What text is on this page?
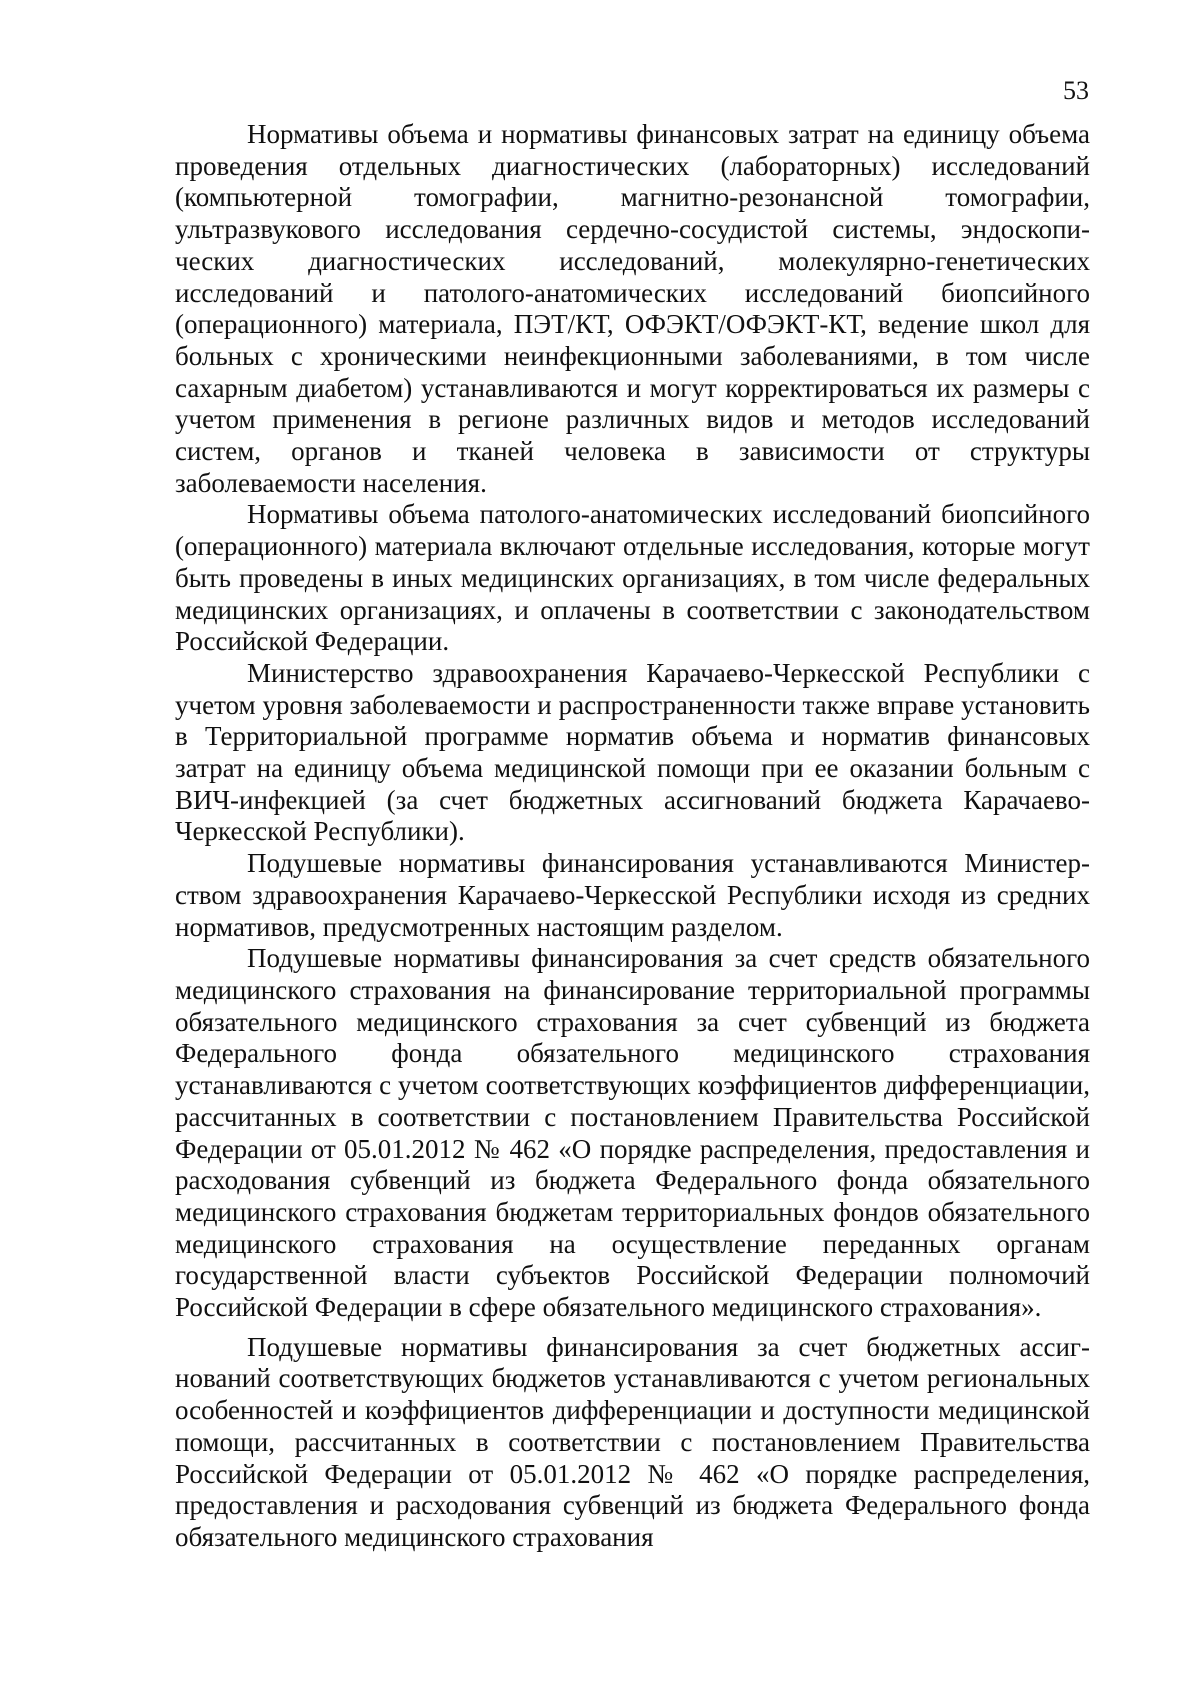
53

Нормативы объема и нормативы финансовых затрат на единицу объема проведения отдельных диагностических (лабораторных) исследований (компьютерной томографии, магнитно-резонансной томографии, ультразвукового исследования сердечно-сосудистой системы, эндоскопических диагностических исследований, молекулярно-генетических исследований и патолого-анатомических исследований биопсийного (операционного) материала, ПЭТ/КТ, ОФЭКТ/ОФЭКТ-КТ, ведение школ для больных с хроническими неинфекционными заболеваниями, в том числе сахарным диабетом) устанавливаются и могут корректироваться их размеры с учетом применения в регионе различных видов и методов исследований систем, органов и тканей человека в зависимости от структуры заболеваемости населения.

Нормативы объема патолого-анатомических исследований биопсийного (операционного) материала включают отдельные исследования, которые могут быть проведены в иных медицинских организациях, в том числе федеральных медицинских организациях, и оплачены в соответствии с законодательством Российской Федерации.

Министерство здравоохранения Карачаево-Черкесской Республики с учетом уровня заболеваемости и распространенности также вправе установить в Территориальной программе норматив объема и норматив финансовых затрат на единицу объема медицинской помощи при ее оказании больным с ВИЧ-инфекцией (за счет бюджетных ассигнований бюджета Карачаево-Черкесской Республики).

Подушевые нормативы финансирования устанавливаются Министерством здравоохранения Карачаево-Черкесской Республики исходя из средних нормативов, предусмотренных настоящим разделом.

Подушевые нормативы финансирования за счет средств обязательного медицинского страхования на финансирование территориальной программы обязательного медицинского страхования за счет субвенций из бюджета Федерального фонда обязательного медицинского страхования устанавливаются с учетом соответствующих коэффициентов дифференциации, рассчитанных в соответствии с постановлением Правительства Российской Федерации от 05.01.2012 № 462 «О порядке распределения, предоставления и расходования субвенций из бюджета Федерального фонда обязательного медицинского страхования бюджетам территориальных фондов обязательного медицинского страхования на осуществление переданных органам государственной власти субъектов Российской Федерации полномочий Российской Федерации в сфере обязательного медицинского страхования».

Подушевые нормативы финансирования за счет бюджетных ассигнований соответствующих бюджетов устанавливаются с учетом региональных особенностей и коэффициентов дифференциации и доступности медицинской помощи, рассчитанных в соответствии с постановлением Правительства Российской Федерации от 05.01.2012 № 462 «О порядке распределения, предоставления и расходования субвенций из бюджета Федерального фонда обязательного медицинского страхования
